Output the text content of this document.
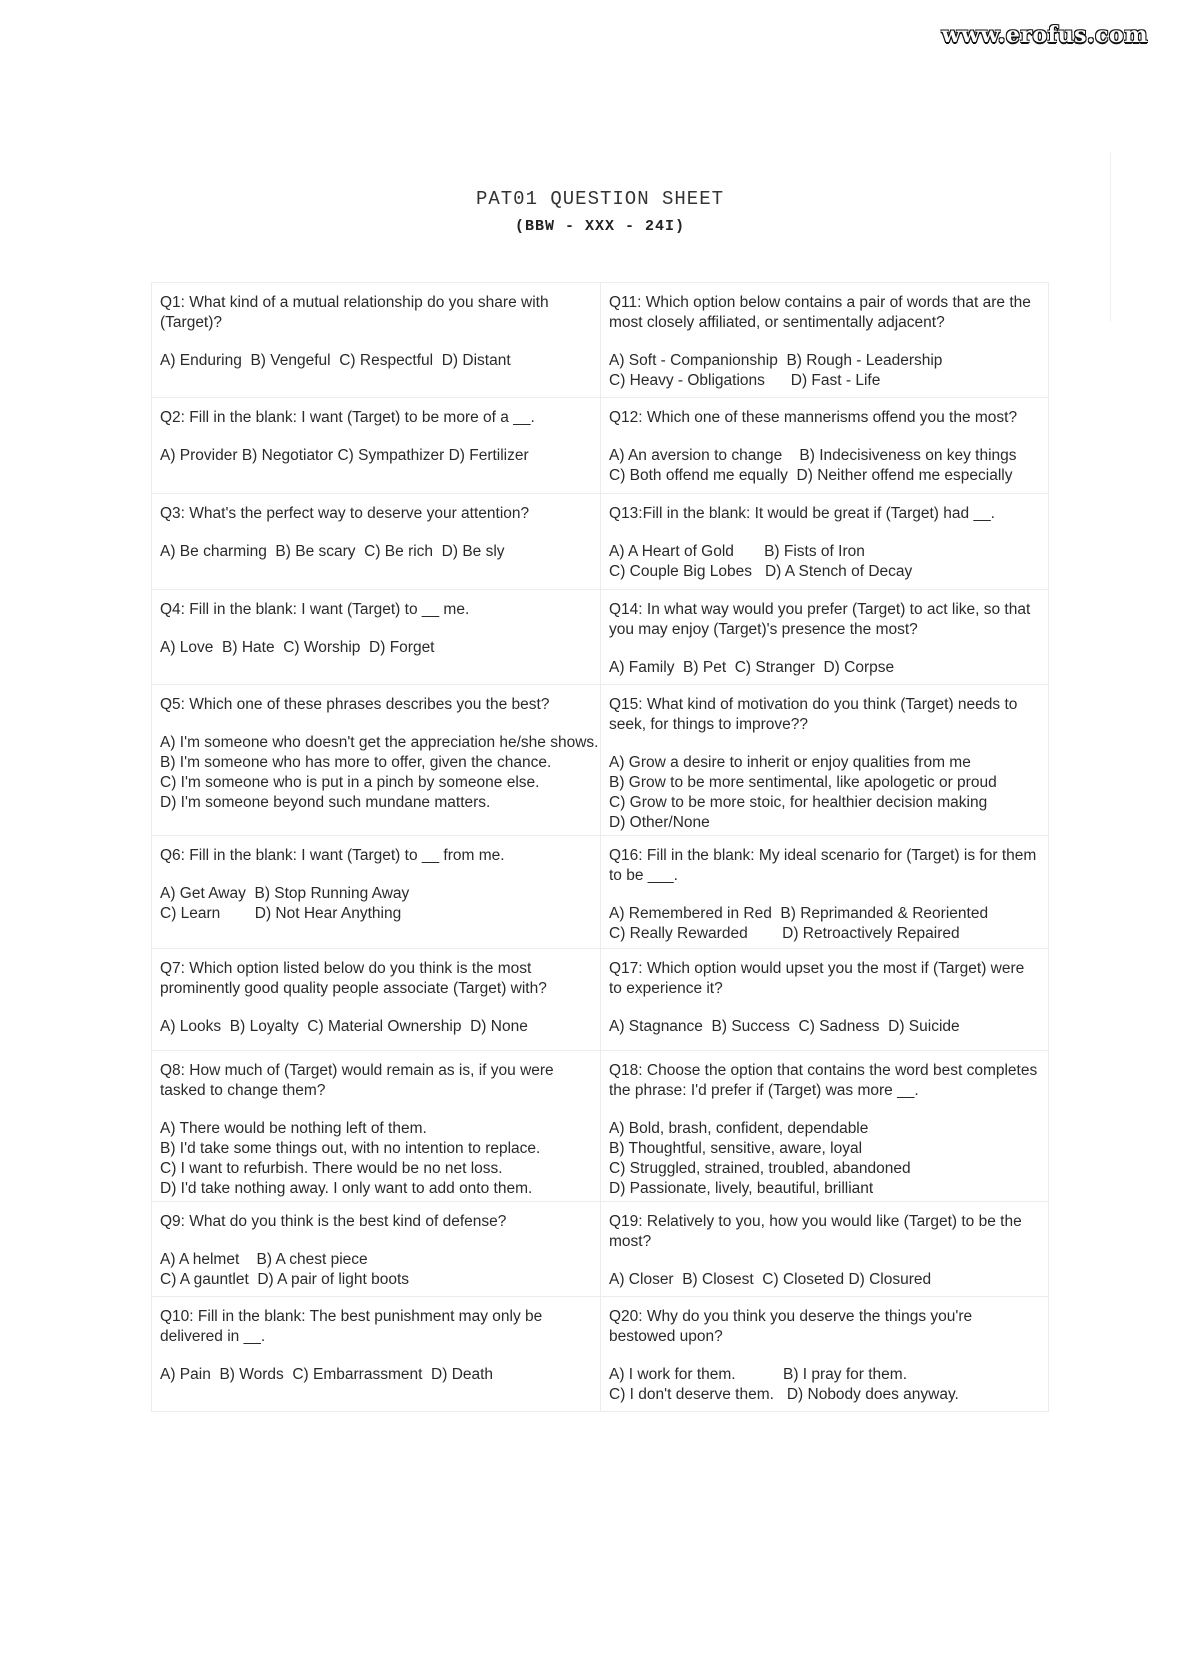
www.erofus.com
PAT01 QUESTION SHEET
(BBW - XXX - 24I)

Q1: What kind of a mutual relationship do you share with (Target)?

A) Enduring  B) Vengeful  C) Respectful  D) Distant

Q11: Which option below contains a pair of words that are the most closely affiliated, or sentimentally adjacent?

A) Soft - Companionship  B) Rough - Leadership

C) Heavy - Obligations      D) Fast - Life

Q2: Fill in the blank: I want (Target) to be more of a __.

A) Provider B) Negotiator C) Sympathizer D) Fertilizer

Q12: Which one of these mannerisms offend you the most?

A) An aversion to change    B) Indecisiveness on key things

C) Both offend me equally  D) Neither offend me especially

Q3: What's the perfect way to deserve your attention?

A) Be charming  B) Be scary  C) Be rich  D) Be sly

Q13:Fill in the blank: It would be great if (Target) had __.

A) A Heart of Gold       B) Fists of Iron

C) Couple Big Lobes   D) A Stench of Decay

Q4: Fill in the blank: I want (Target) to __ me.

A) Love  B) Hate  C) Worship  D) Forget

Q14: In what way would you prefer (Target) to act like, so that you may enjoy (Target)'s presence the most?

A) Family  B) Pet  C) Stranger  D) Corpse

Q5: Which one of these phrases describes you the best?

A) I'm someone who doesn't get the appreciation he/she shows.

B) I'm someone who has more to offer, given the chance.

C) I'm someone who is put in a pinch by someone else.

D) I'm someone beyond such mundane matters.

Q15: What kind of motivation do you think (Target) needs to seek, for things to improve??

A) Grow a desire to inherit or enjoy qualities from me

B) Grow to be more sentimental, like apologetic or proud

C) Grow to be more stoic, for healthier decision making

D) Other/None

Q6: Fill in the blank: I want (Target) to __ from me.

A) Get Away  B) Stop Running Away

C) Learn        D) Not Hear Anything

Q16: Fill in the blank: My ideal scenario for (Target) is for them to be ___.

A) Remembered in Red  B) Reprimanded & Reoriented

C) Really Rewarded        D) Retroactively Repaired

Q7: Which option listed below do you think is the most prominently good quality people associate (Target) with?

A) Looks  B) Loyalty  C) Material Ownership  D) None

Q17: Which option would upset you the most if (Target) were to experience it?

A) Stagnance  B) Success  C) Sadness  D) Suicide

Q8: How much of (Target) would remain as is, if you were tasked to change them?

A) There would be nothing left of them.

B) I'd take some things out, with no intention to replace.

C) I want to refurbish. There would be no net loss.

D) I'd take nothing away. I only want to add onto them.

Q18: Choose the option that contains the word best completes the phrase: I'd prefer if (Target) was more __.

A) Bold, brash, confident, dependable

B) Thoughtful, sensitive, aware, loyal

C) Struggled, strained, troubled, abandoned

D) Passionate, lively, beautiful, brilliant

Q9: What do you think is the best kind of defense?

A) A helmet    B) A chest piece

C) A gauntlet  D) A pair of light boots

Q19: Relatively to you, how you would like (Target) to be the most?

A) Closer  B) Closest  C) Closeted D) Closured

Q10: Fill in the blank: The best punishment may only be delivered in __.

A) Pain  B) Words  C) Embarrassment  D) Death

Q20: Why do you think you deserve the things you're bestowed upon?

A) I work for them.           B) I pray for them.

C) I don't deserve them.   D) Nobody does anyway.
